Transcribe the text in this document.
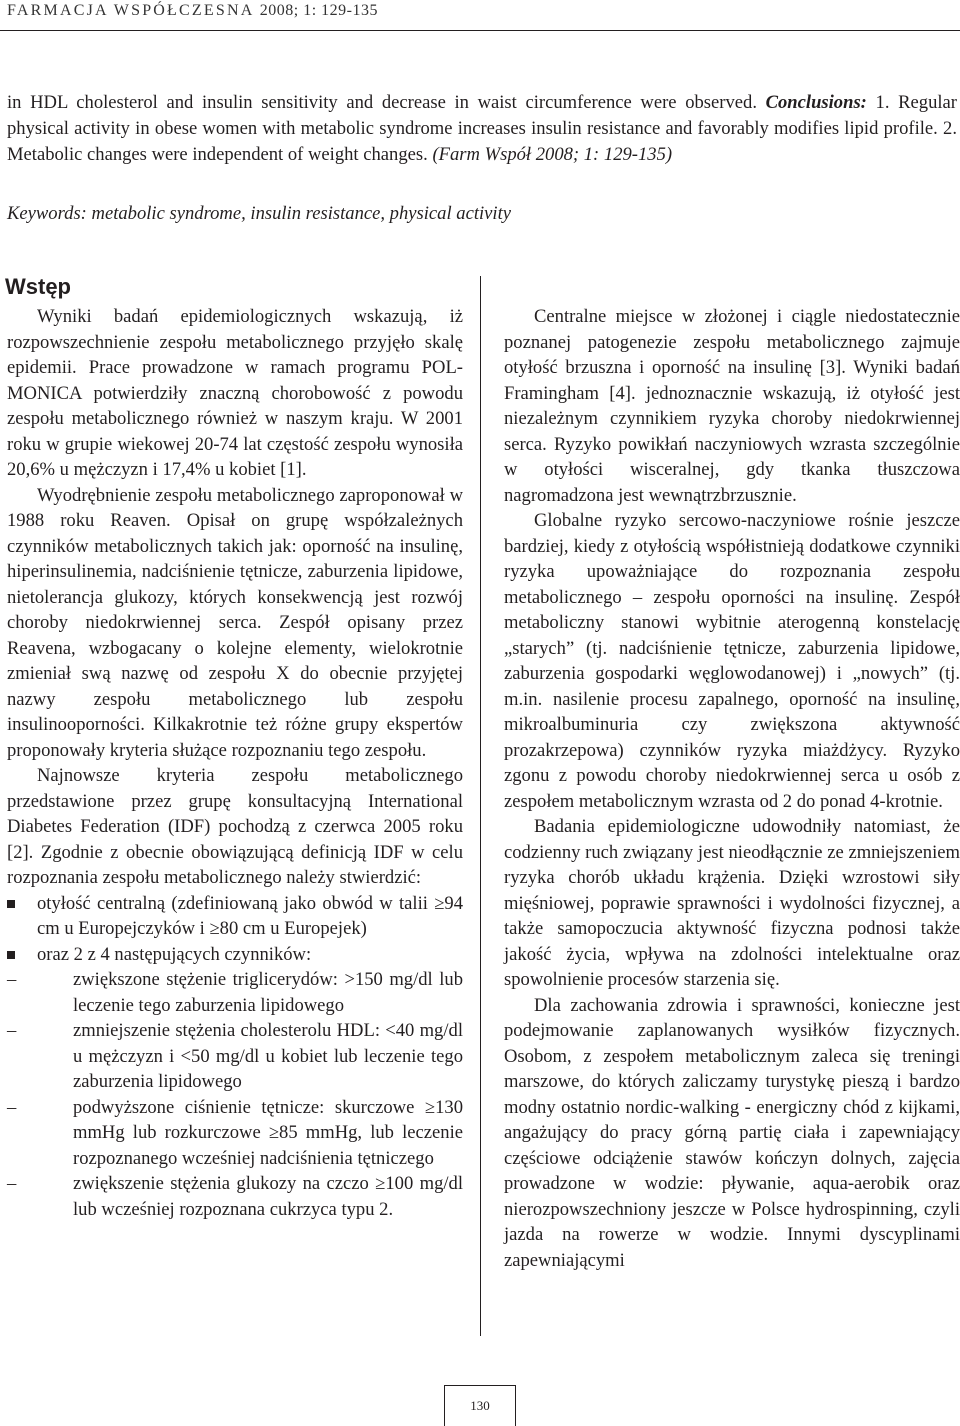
FARMACJA WSPÓŁCZESNA 2008; 1: 129-135
in HDL cholesterol and insulin sensitivity and decrease in waist circumference were observed. Conclusions: 1. Regular physical activity in obese women with metabolic syndrome increases insulin resistance and favorably modifies lipid profile. 2. Metabolic changes were independent of weight changes. (Farm Współ 2008; 1: 129-135)
Keywords: metabolic syndrome, insulin resistance, physical activity
Wstęp

Wyniki badań epidemiologicznych wskazują, iż rozpowszechnienie zespołu metabolicznego przyjęło skalę epidemii. Prace prowadzone w ramach programu POL-MONICA potwierdziły znaczną chorobowość z powodu zespołu metabolicznego również w naszym kraju. W 2001 roku w grupie wiekowej 20-74 lat częstość zespołu wynosiła 20,6% u mężczyzn i 17,4% u kobiet [1].

Wyodrębnienie zespołu metabolicznego zaproponował w 1988 roku Reaven. Opisał on grupę współzależnych czynników metabolicznych takich jak: oporność na insulinę, hiperinsulinemia, nadciśnienie tętnicze, zaburzenia lipidowe, nietolerancja glukozy, których konsekwencją jest rozwój choroby niedokrwiennej serca. Zespół opisany przez Reavena, wzbogacany o kolejne elementy, wielokrotnie zmieniał swą nazwę od zespołu X do obecnie przyjętej nazwy zespołu metabolicznego lub zespołu insulinooporności. Kilkakrotnie też różne grupy ekspertów proponowały kryteria służące rozpoznaniu tego zespołu.

Najnowsze kryteria zespołu metabolicznego przedstawione przez grupę konsultacyjną International Diabetes Federation (IDF) pochodzą z czerwca 2005 roku [2]. Zgodnie z obecnie obowiązującą definicją IDF w celu rozpoznania zespołu metabolicznego należy stwierdzić:

otyłość centralną (zdefiniowaną jako obwód w talii ≥94 cm u Europejczyków i ≥80 cm u Europejek)
oraz 2 z 4 następujących czynników:
–	zwiększone stężenie triglicerydów: >150 mg/dl lub leczenie tego zaburzenia lipidowego
–	zmniejszenie stężenia cholesterolu HDL: <40 mg/dl u mężczyzn i <50 mg/dl u kobiet lub leczenie tego zaburzenia lipidowego
–	podwyższone ciśnienie tętnicze: skurczowe ≥130 mmHg lub rozkurczowe ≥85 mmHg, lub leczenie rozpoznanego wcześniej nadciśnienia tętniczego
–	zwiększenie stężenia glukozy na czczo ≥100 mg/dl lub wcześniej rozpoznana cukrzyca typu 2.

Centralne miejsce w złożonej i ciągle niedostatecznie poznanej patogenezie zespołu metabolicznego zajmuje otyłość brzuszna i oporność na insulinę [3]. Wyniki badań Framingham [4]. jednoznacznie wskazują, iż otyłość jest niezależnym czynnikiem ryzyka choroby niedokrwiennej serca. Ryzyko powikłań naczyniowych wzrasta szczególnie w otyłości wisceralnej, gdy tkanka tłuszczowa nagromadzona jest wewnątrzbrzusznie.

Globalne ryzyko sercowo-naczyniowe rośnie jeszcze bardziej, kiedy z otyłością współistnieją dodatkowe czynniki ryzyka upoważniające do rozpoznania zespołu metabolicznego – zespołu oporności na insulinę. Zespół metaboliczny stanowi wybitnie aterogenną konstelację „starych” (tj. nadciśnienie tętnicze, zaburzenia lipidowe, zaburzenia gospodarki węglowodanowej) i „nowych” (tj. m.in. nasilenie procesu zapalnego, oporność na insulinę, mikroalbuminuria czy zwiększona aktywność prozakrzepowa) czynników ryzyka miażdżycy. Ryzyko zgonu z powodu choroby niedokrwiennej serca u osób z zespołem metabolicznym wzrasta od 2 do ponad 4-krotnie.

Badania epidemiologiczne udowodniły natomiast, że codzienny ruch związany jest nieodłącznie ze zmniejszeniem ryzyka chorób układu krążenia. Dzięki wzrostowi siły mięśniowej, poprawie sprawności i wydolności fizycznej, a także samopoczucia aktywność fizyczna podnosi także jakość życia, wpływa na zdolności intelektualne oraz spowolnienie procesów starzenia się.

Dla zachowania zdrowia i sprawności, konieczne jest podejmowanie zaplanowanych wysiłków fizycznych. Osobom, z zespołem metabolicznym zaleca się treningi marszowe, do których zaliczamy turystykę pieszą i bardzo modny ostatnio nordic-walking - energiczny chód z kijkami, angażujący do pracy górną partię ciała i zapewniający częściowe odciążenie stawów kończyn dolnych, zajęcia prowadzone w wodzie: pływanie, aqua-aerobik oraz nierozpowszechniony jeszcze w Polsce hydrospinning, czyli jazda na rowerze w wodzie. Innymi dyscyplinami zapewniającymi

130
